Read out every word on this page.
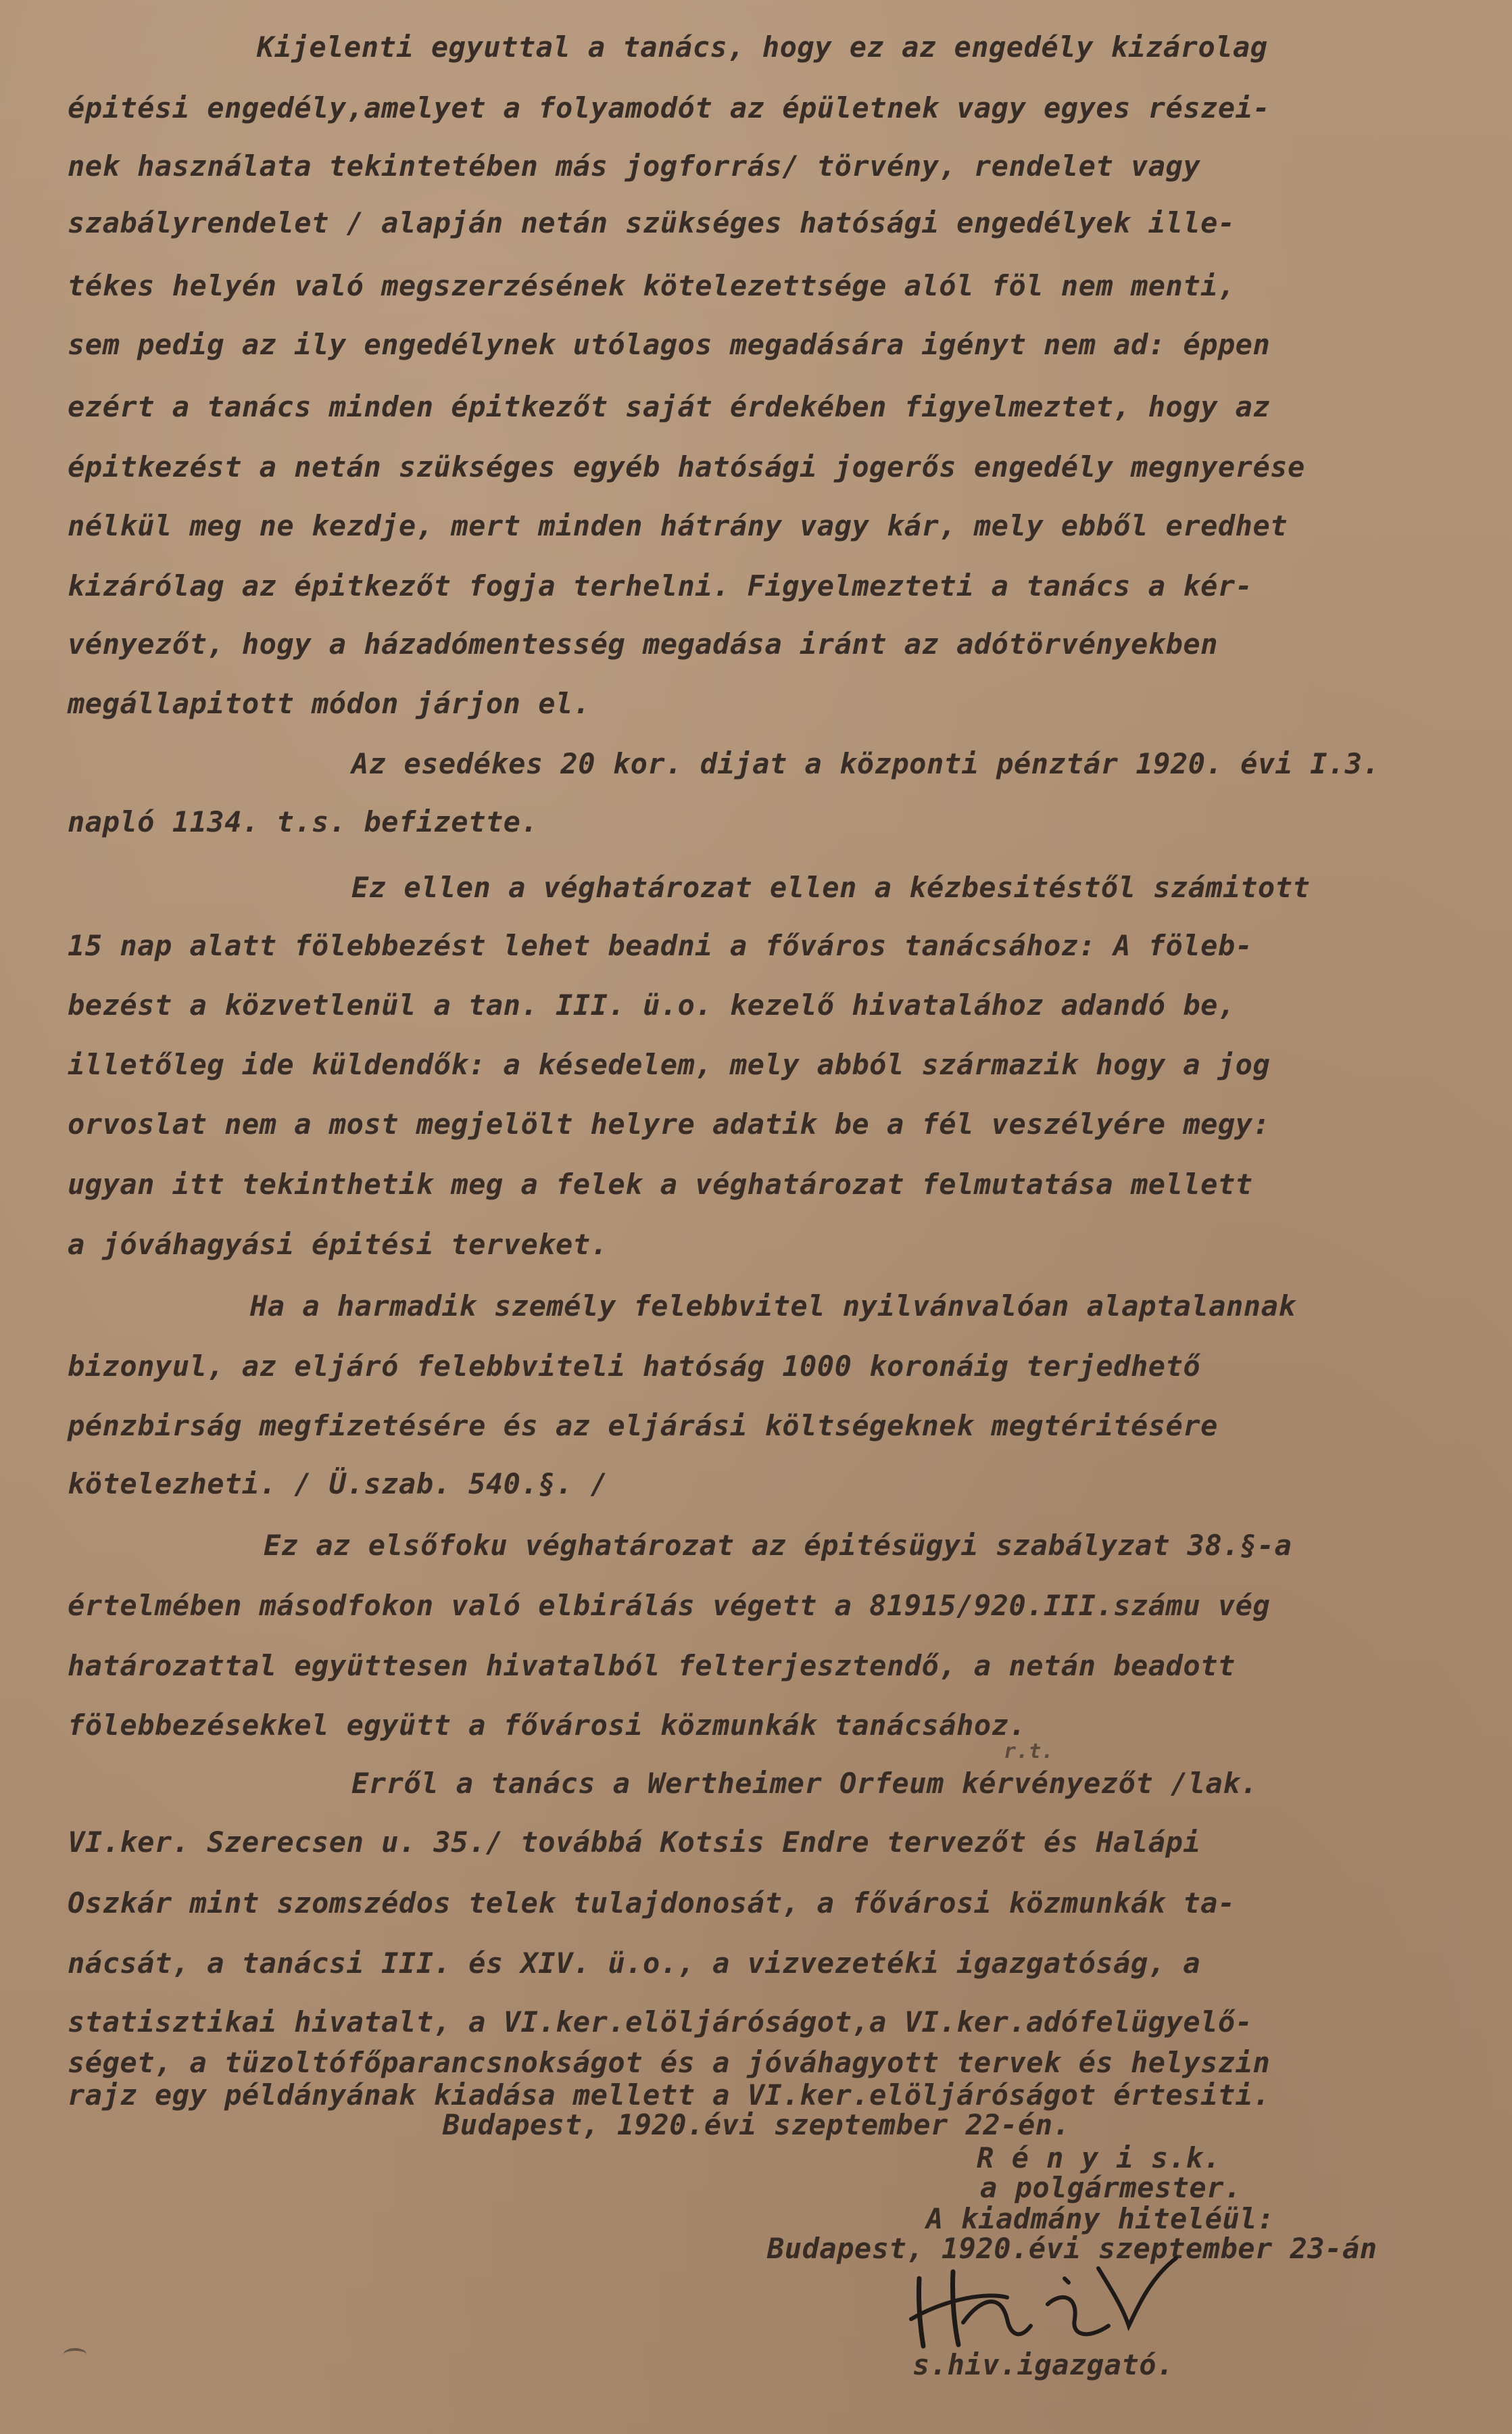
Kijelenti egyuttal a tanács, hogy ez az engedély kizárolag

épitési engedély,amelyet a folyamodót az épületnek vagy egyes részei-

nek használata tekintetében más jogforrás/ törvény, rendelet vagy

szabályrendelet / alapján netán szükséges hatósági engedélyek ille-

tékes helyén való megszerzésének kötelezettsége alól föl nem menti,

sem pedig az ily engedélynek utólagos megadására igényt nem ad: éppen

ezért a tanács minden épitkezőt saját érdekében figyelmeztet, hogy az

épitkezést a netán szükséges egyéb hatósági jogerős engedély megnyerése

nélkül meg ne kezdje, mert minden hátrány vagy kár, mely ebből eredhet

kizárólag az épitkezőt fogja terhelni. Figyelmezteti a tanács a kér-

vényezőt, hogy a házadómentesség megadása iránt az adótörvényekben

megállapitott módon járjon el.

Az esedékes 20 kor. dijat a központi pénztár 1920. évi I.3.

napló 1134. t.s. befizette.

Ez ellen a véghatározat ellen a kézbesitéstől számitott

15 nap alatt fölebbezést lehet beadni a főváros tanácsához: A föleb-

bezést a közvetlenül a tan. III. ü.o. kezelő hivatalához adandó be,

illetőleg ide küldendők: a késedelem, mely abból származik hogy a jog

orvoslat nem a most megjelölt helyre adatik be a fél veszélyére megy:

ugyan itt tekinthetik meg a felek a véghatározat felmutatása mellett

a jóváhagyási épitési terveket.

Ha a harmadik személy felebbvitel nyilvánvalóan alaptalannak

bizonyul, az eljáró felebbviteli hatóság 1000 koronáig terjedhető

pénzbirság megfizetésére és az eljárási költségeknek megtéritésére

kötelezheti. / Ü.szab. 540.§. /

Ez az elsőfoku véghatározat az épitésügyi szabályzat 38.§-a

értelmében másodfokon való elbirálás végett a 81915/920.III.számu vég

határozattal együttesen hivatalból felterjesztendő, a netán beadott

fölebbezésekkel együtt a fővárosi közmunkák tanácsához.

r.t.

Erről a tanács a Wertheimer Orfeum kérvényezőt /lak.

VI.ker. Szerecsen u. 35./ továbbá Kotsis Endre tervezőt és Halápi

Oszkár mint szomszédos telek tulajdonosát, a fővárosi közmunkák ta-

nácsát, a tanácsi III. és XIV. ü.o., a vizvezetéki igazgatóság, a

statisztikai hivatalt, a VI.ker.elöljáróságot,a VI.ker.adófelügyelő-

séget, a tüzoltófőparancsnokságot és a jóváhagyott tervek és helyszin

rajz egy példányának kiadása mellett a VI.ker.elöljáróságot értesiti.

Budapest, 1920.évi szeptember 22-én.

R é n y i s.k.

a polgármester.

A kiadmány hiteléül:

Budapest, 1920.évi szeptember 23-án

s.hiv.igazgató.
